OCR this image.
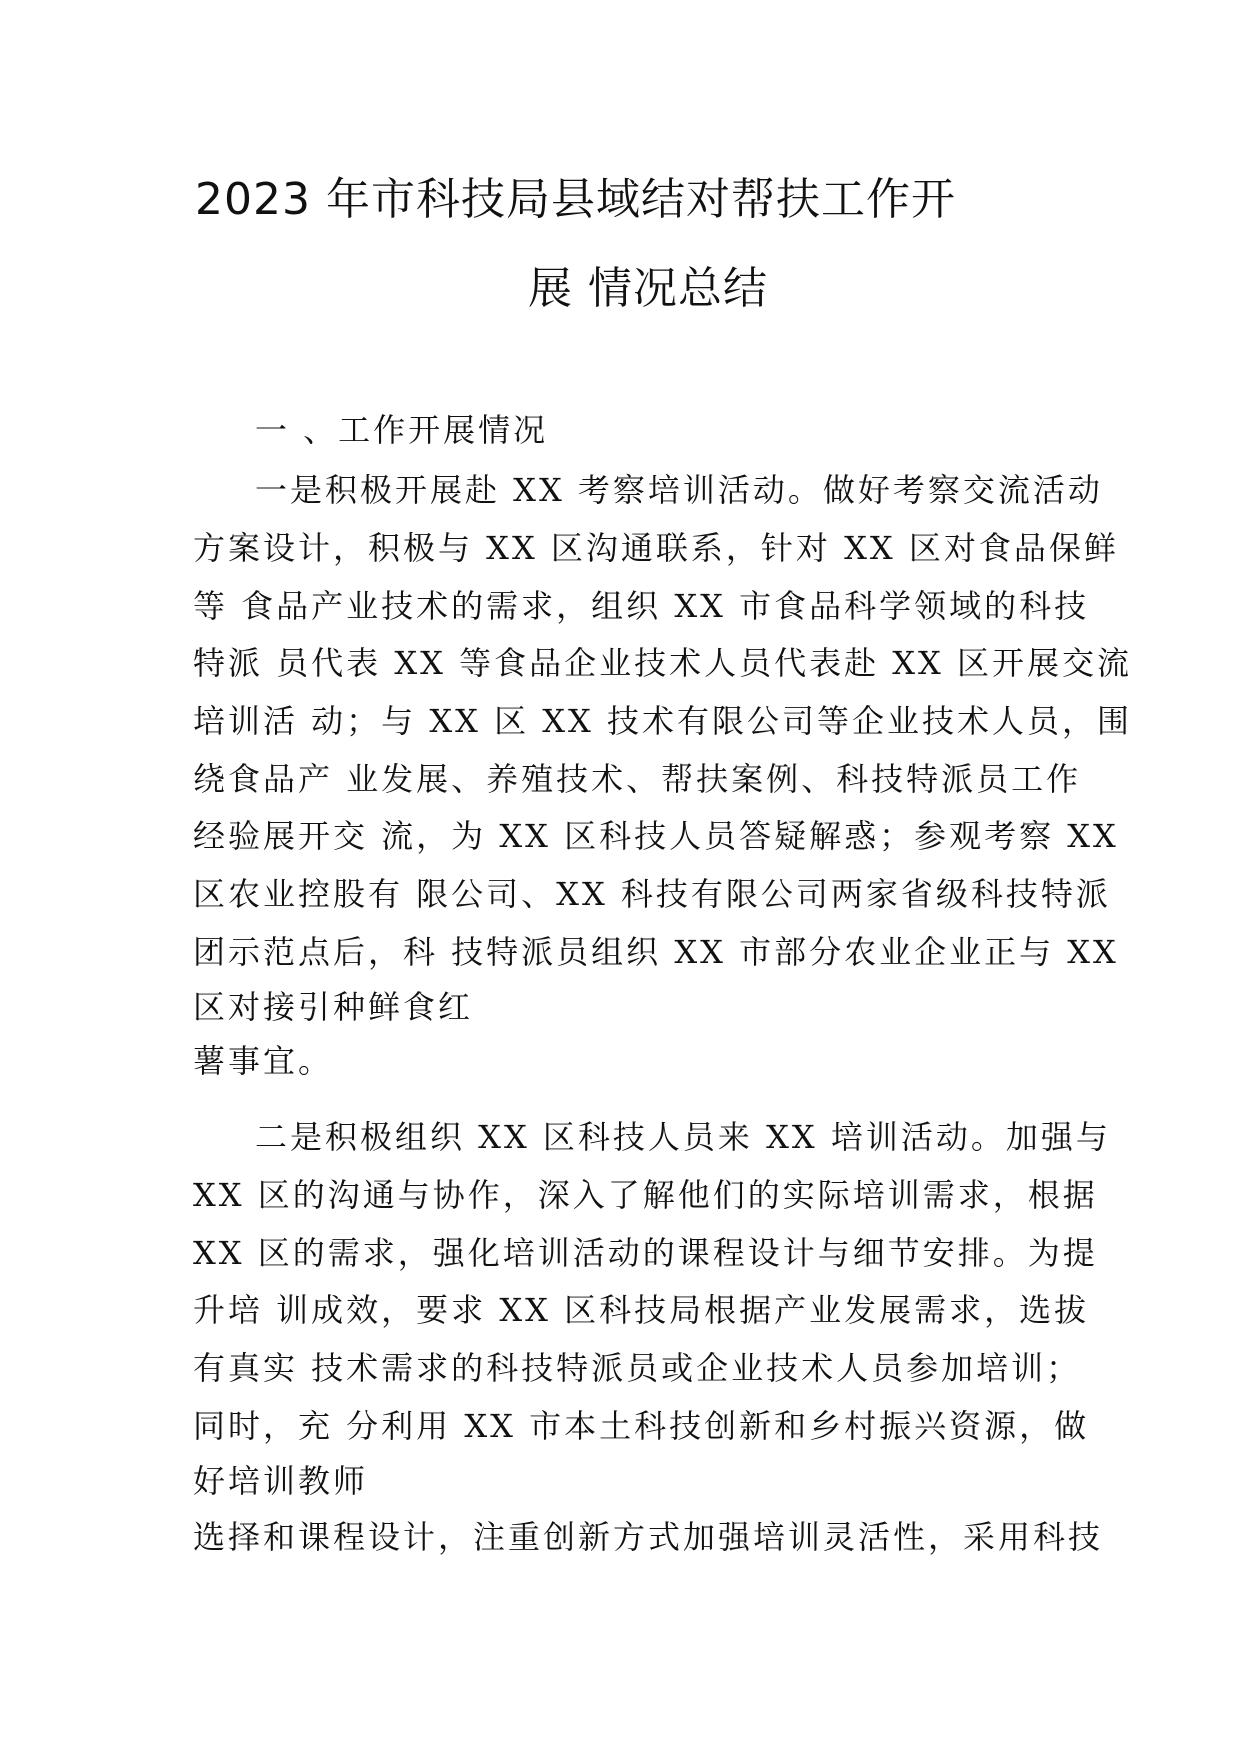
2023 年市科技局县域结对帮扶工作开
展 情况总结
一 、工作开展情况
一是积极开展赴 XX 考察培训活动。做好考察交流活动
方案设计，积极与 XX 区沟通联系，针对 XX 区对食品保鲜
等 食品产业技术的需求，组织 XX 市食品科学领域的科技
特派 员代表 XX 等食品企业技术人员代表赴 XX 区开展交流
培训活 动；与 XX 区 XX 技术有限公司等企业技术人员，围
绕食品产 业发展、养殖技术、帮扶案例、科技特派员工作
经验展开交 流，为 XX 区科技人员答疑解惑；参观考察 XX
区农业控股有 限公司、XX 科技有限公司两家省级科技特派
团示范点后，科 技特派员组织 XX 市部分农业企业正与 XX
区对接引种鲜食红
薯事宜。
二是积极组织 XX 区科技人员来 XX 培训活动。加强与
XX 区的沟通与协作，深入了解他们的实际培训需求，根据
XX 区的需求，强化培训活动的课程设计与细节安排。为提
升培 训成效，要求 XX 区科技局根据产业发展需求，选拔
有真实 技术需求的科技特派员或企业技术人员参加培训；
同时，充 分利用 XX 市本土科技创新和乡村振兴资源，做
好培训教师
选择和课程设计，注重创新方式加强培训灵活性，采用科技
